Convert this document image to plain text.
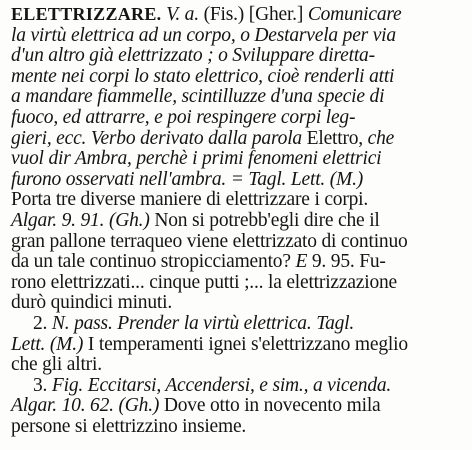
ELETTRIZZARE. V. a. (Fis.) [Gher.] Comunicare
la virtù elettrica ad un corpo, o Destarvela per via
d'un altro già elettrizzato ; o Sviluppare direttа-
mente nei corpi lo stato elettrico, cioè renderli atti
a mandare fiammelle, scintilluzze d'una specie di
fuoco, ed attrarre, e poi respingere corpi leg-
gieri, ecc. Verbo derivato dalla parola Elettro, che
vuol dir Ambra, perchè i primi fenomeni elettrici
furono osservati nell'ambra. = Tagl. Lett. (M.)
Porta tre diverse maniere di elettrizzare i corpi.
Algar. 9. 91. (Gh.) Non si potrebb'egli dire che il
gran pallone terraqueo viene elettrizzato di continuo
da un tale continuo stropicciamento? E 9. 95. Fu-
rono elettrizzati... cinque putti ;... la elettrizzazione
durò quindici minuti.
2. N. pass. Prender la virtù elettrica. Tagl.
Lett. (M.) I temperamenti ignei s'elettrizzano meglio
che gli altri.
3. Fig. Eccitarsi, Accendersi, e sim., a vicenda.
Algar. 10. 62. (Gh.) Dove otto in novecento mila
persone si elettrizzino insieme.
